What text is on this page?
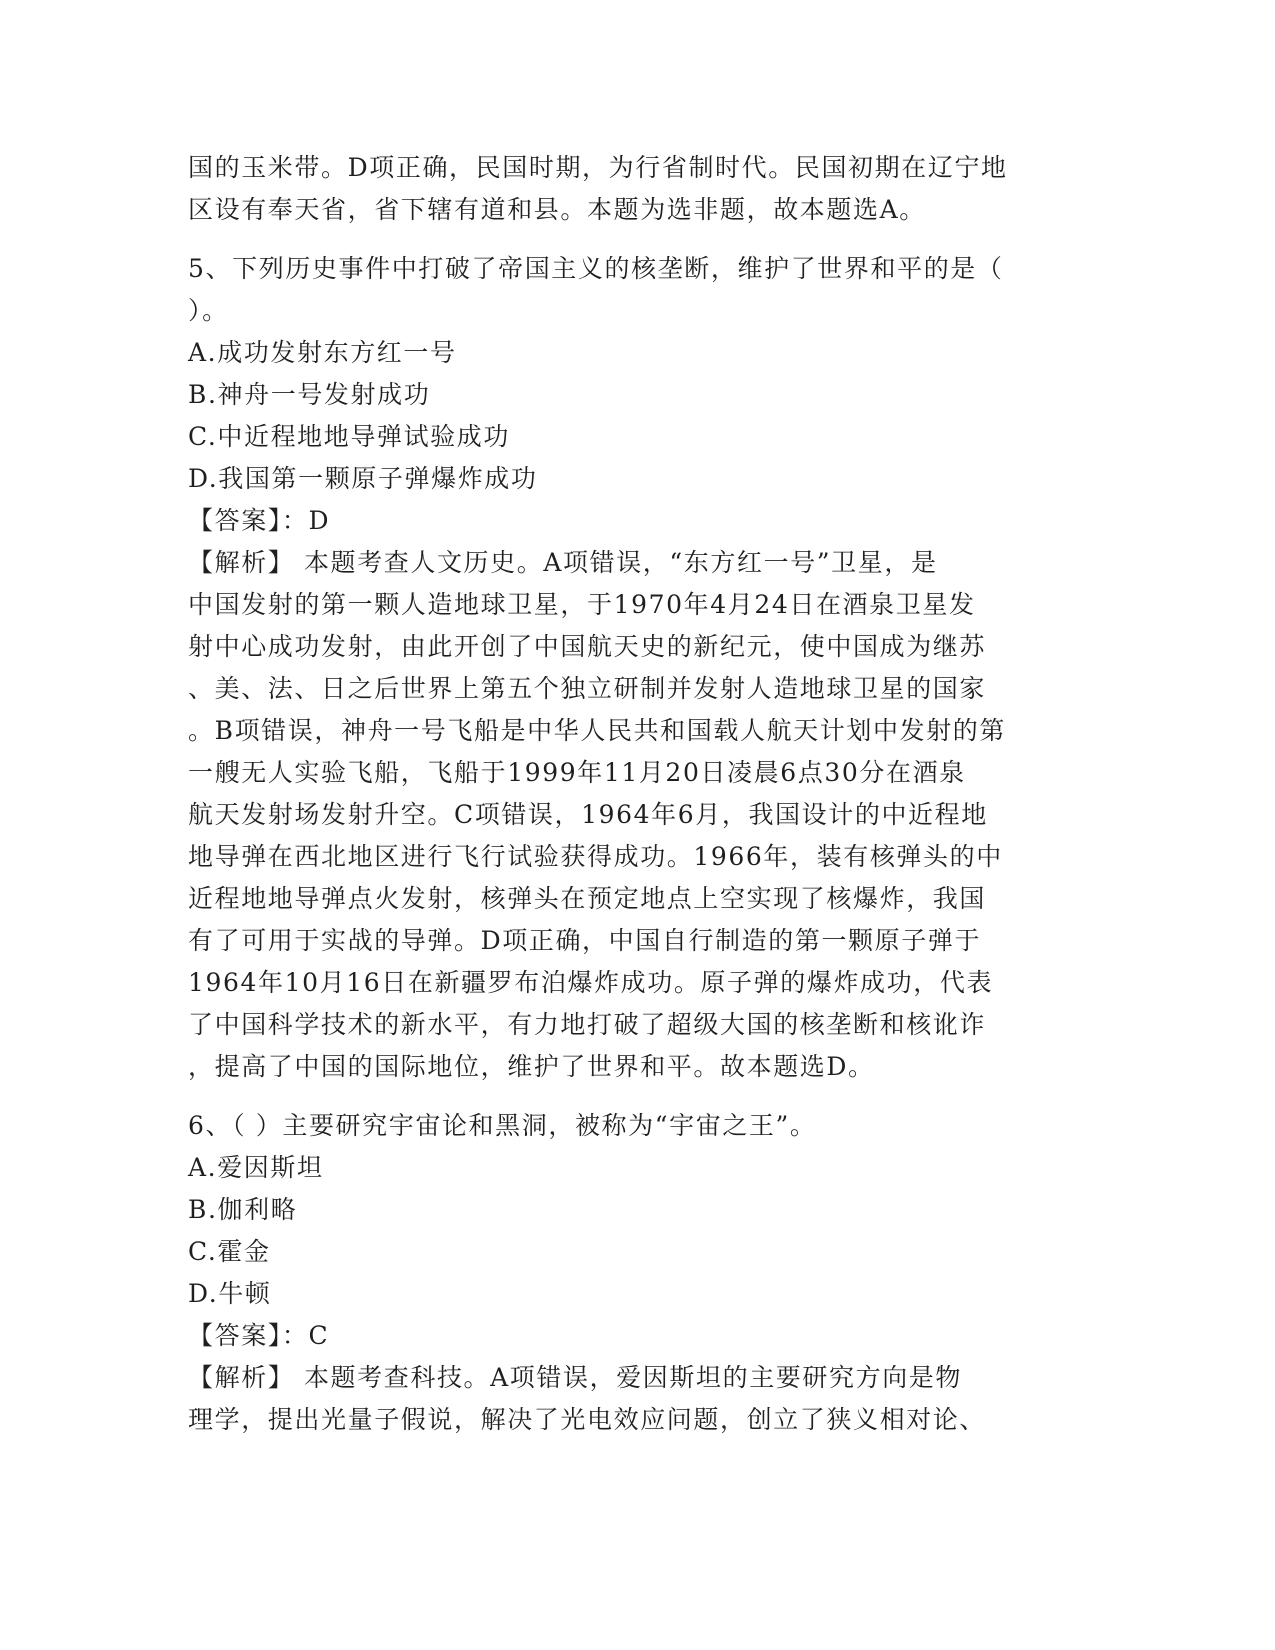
国的玉米带。D项正确，民国时期，为行省制时代。民国初期在辽宁地
区设有奉天省，省下辖有道和县。本题为选非题，故本题选A。
5、下列历史事件中打破了帝国主义的核垄断，维护了世界和平的是（
）。
A.成功发射东方红一号
B.神舟一号发射成功
C.中近程地地导弹试验成功
D.我国第一颗原子弹爆炸成功
【答案】：D
【解析】 本题考查人文历史。A项错误，“东方红一号”卫星，是
中国发射的第一颗人造地球卫星，于1970年4月24日在酒泉卫星发
射中心成功发射，由此开创了中国航天史的新纪元，使中国成为继苏
、美、法、日之后世界上第五个独立研制并发射人造地球卫星的国家
。B项错误，神舟一号飞船是中华人民共和国载人航天计划中发射的第
一艘无人实验飞船，飞船于1999年11月20日凌晨6点30分在酒泉
航天发射场发射升空。C项错误，1964年6月，我国设计的中近程地
地导弹在西北地区进行飞行试验获得成功。1966年，装有核弹头的中
近程地地导弹点火发射，核弹头在预定地点上空实现了核爆炸，我国
有了可用于实战的导弹。D项正确，中国自行制造的第一颗原子弹于
1964年10月16日在新疆罗布泊爆炸成功。原子弹的爆炸成功，代表
了中国科学技术的新水平，有力地打破了超级大国的核垄断和核讹诈
，提高了中国的国际地位，维护了世界和平。故本题选D。
6、（ ）主要研究宇宙论和黑洞，被称为“宇宙之王”。
A.爱因斯坦
B.伽利略
C.霍金
D.牛顿
【答案】：C
【解析】 本题考查科技。A项错误，爱因斯坦的主要研究方向是物
理学，提出光量子假说，解决了光电效应问题，创立了狭义相对论、
